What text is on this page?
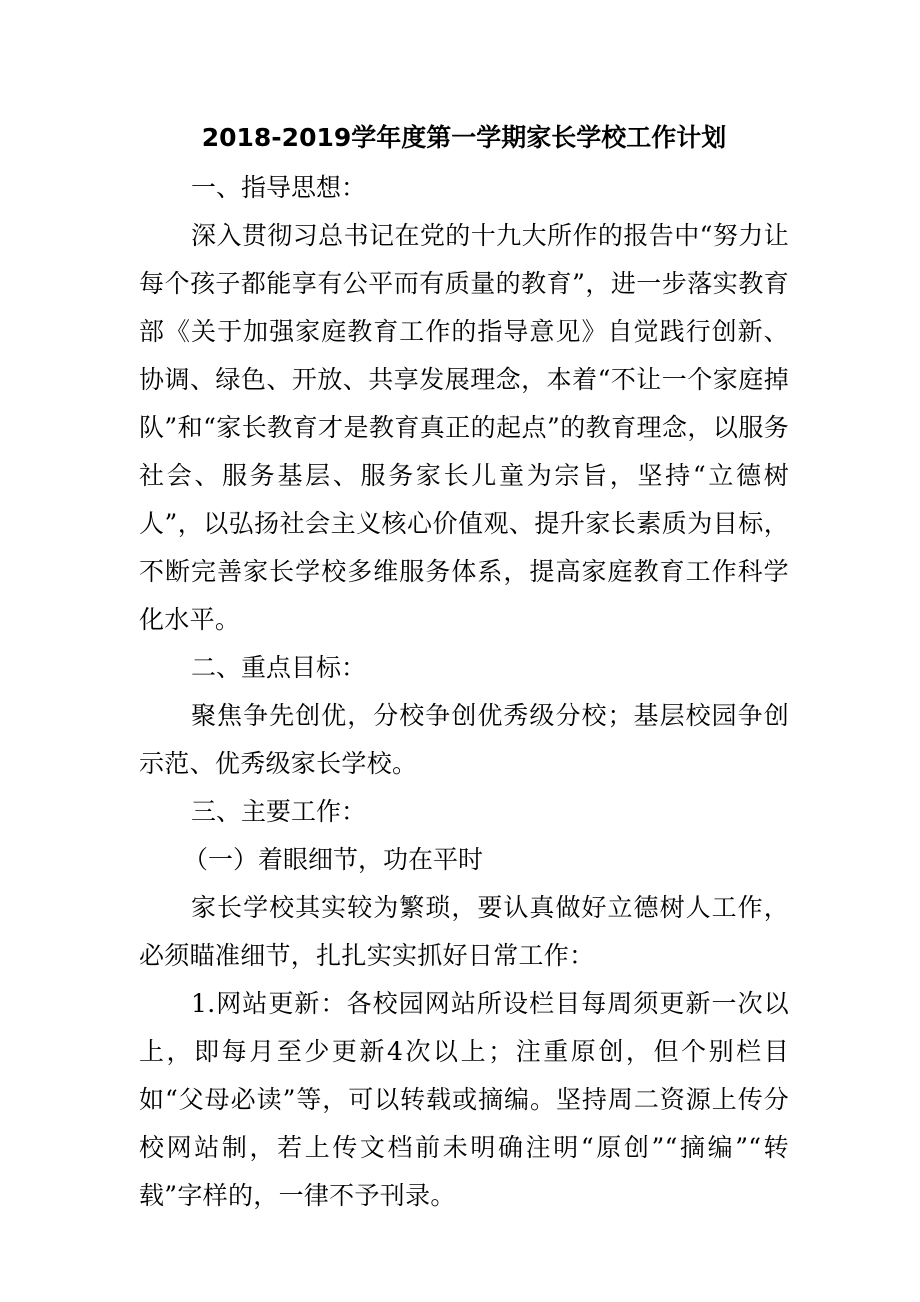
2018-2019学年度第一学期家长学校工作计划
一、指导思想：

深入贯彻习总书记在党的十九大所作的报告中“努力让每个孩子都能享有公平而有质量的教育”，进一步落实教育部《关于加强家庭教育工作的指导意见》自觉践行创新、协调、绿色、开放、共享发展理念，本着“不让一个家庭掉队”和“家长教育才是教育真正的起点”的教育理念，以服务社会、服务基层、服务家长儿童为宗旨，坚持“立德树人”，以弘扬社会主义核心价值观、提升家长素质为目标，不断完善家长学校多维服务体系，提高家庭教育工作科学化水平。

二、重点目标：

聚焦争先创优，分校争创优秀级分校；基层校园争创示范、优秀级家长学校。

三、主要工作：
（一）着眼细节，功在平时

家长学校其实较为繁琐，要认真做好立德树人工作，必须瞄准细节，扎扎实实抓好日常工作：

1.网站更新：各校园网站所设栏目每周须更新一次以上，即每月至少更新4次以上；注重原创，但个别栏目如“父母必读”等，可以转载或摘编。坚持周二资源上传分校网站制，若上传文档前未明确注明“原创”“摘编”“转载”字样的，一律不予刊录。
